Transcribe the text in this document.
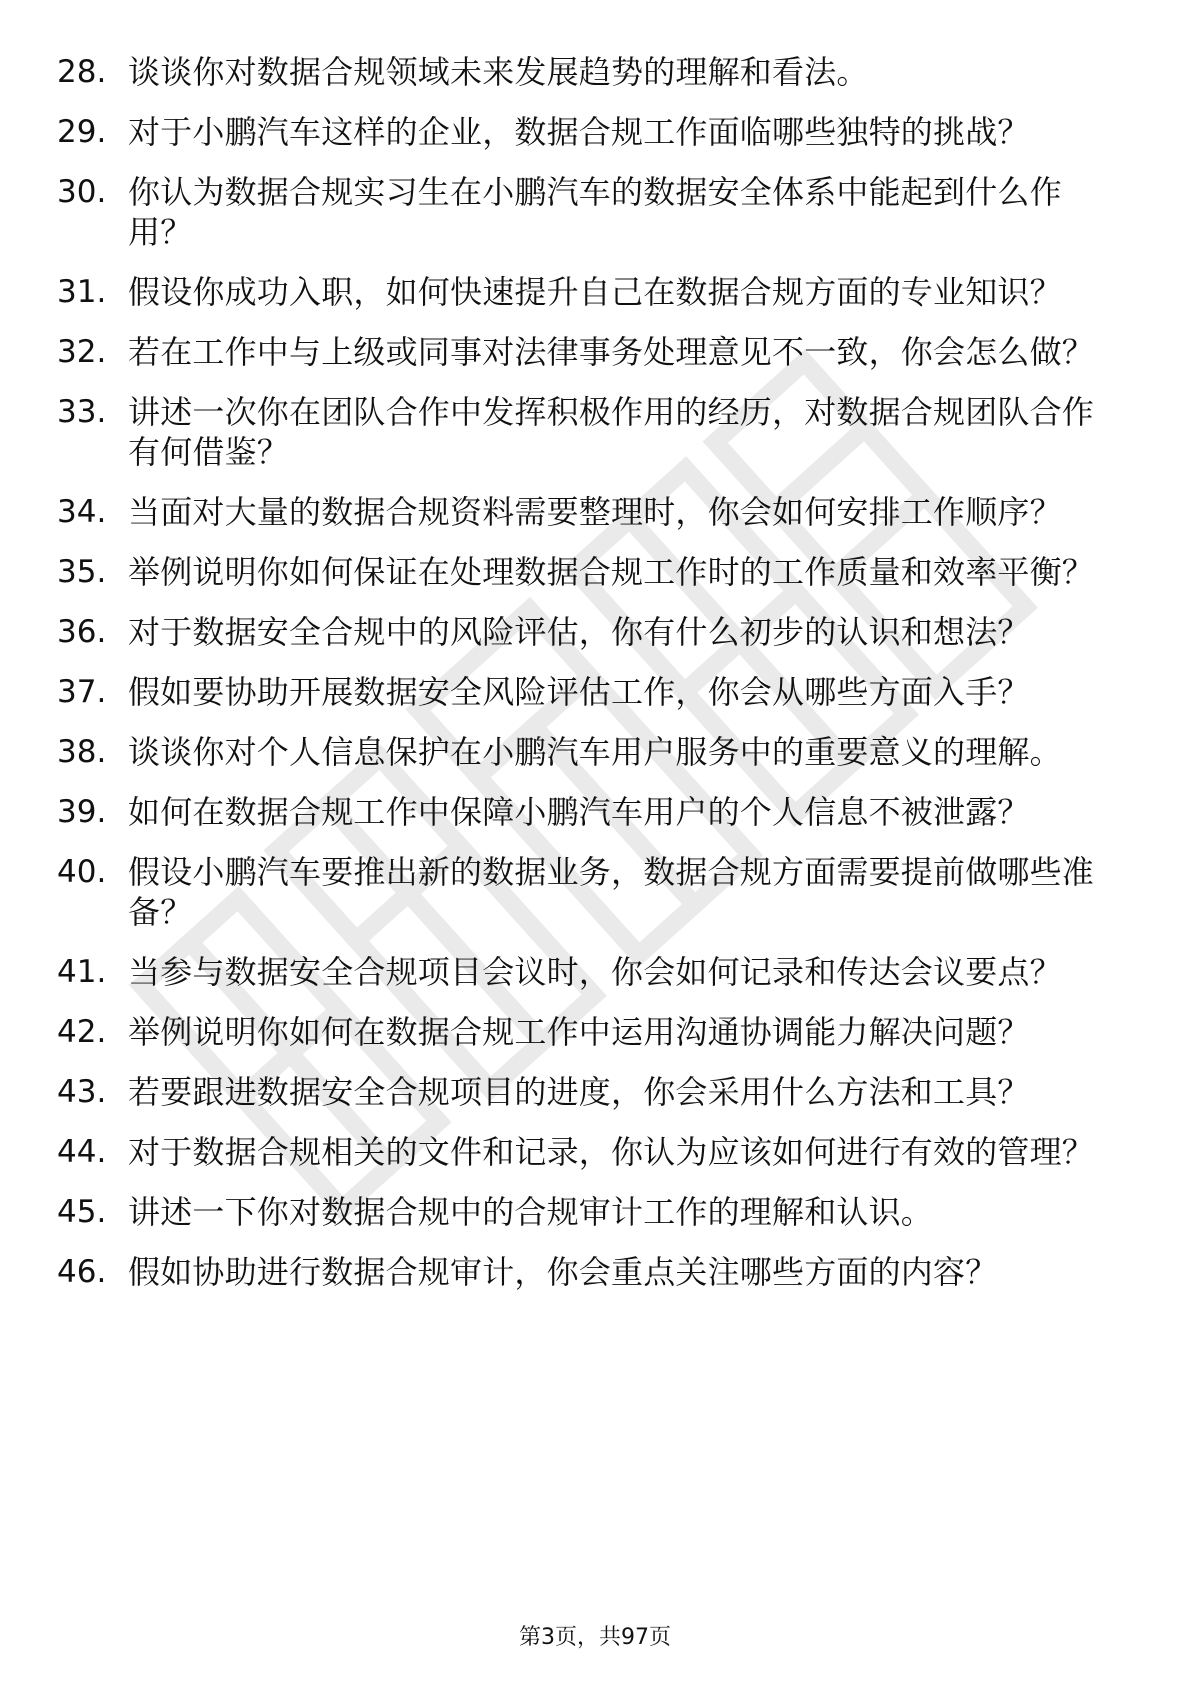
28. 谈谈你对数据合规领域未来发展趋势的理解和看法。
29. 对于小鹏汽车这样的企业，数据合规工作面临哪些独特的挑战？
30. 你认为数据合规实习生在小鹏汽车的数据安全体系中能起到什么作用？
31. 假设你成功入职，如何快速提升自己在数据合规方面的专业知识？
32. 若在工作中与上级或同事对法律事务处理意见不一致，你会怎么做？
33. 讲述一次你在团队合作中发挥积极作用的经历，对数据合规团队合作有何借鉴？
34. 当面对大量的数据合规资料需要整理时，你会如何安排工作顺序？
35. 举例说明你如何保证在处理数据合规工作时的工作质量和效率平衡？
36. 对于数据安全合规中的风险评估，你有什么初步的认识和想法？
37. 假如要协助开展数据安全风险评估工作，你会从哪些方面入手？
38. 谈谈你对个人信息保护在小鹏汽车用户服务中的重要意义的理解。
39. 如何在数据合规工作中保障小鹏汽车用户的个人信息不被泄露？
40. 假设小鹏汽车要推出新的数据业务，数据合规方面需要提前做哪些准备？
41. 当参与数据安全合规项目会议时，你会如何记录和传达会议要点？
42. 举例说明你如何在数据合规工作中运用沟通协调能力解决问题？
43. 若要跟进数据安全合规项目的进度，你会采用什么方法和工具？
44. 对于数据合规相关的文件和记录，你认为应该如何进行有效的管理？
45. 讲述一下你对数据合规中的合规审计工作的理解和认识。
46. 假如协助进行数据合规审计，你会重点关注哪些方面的内容？
第3页，共97页
